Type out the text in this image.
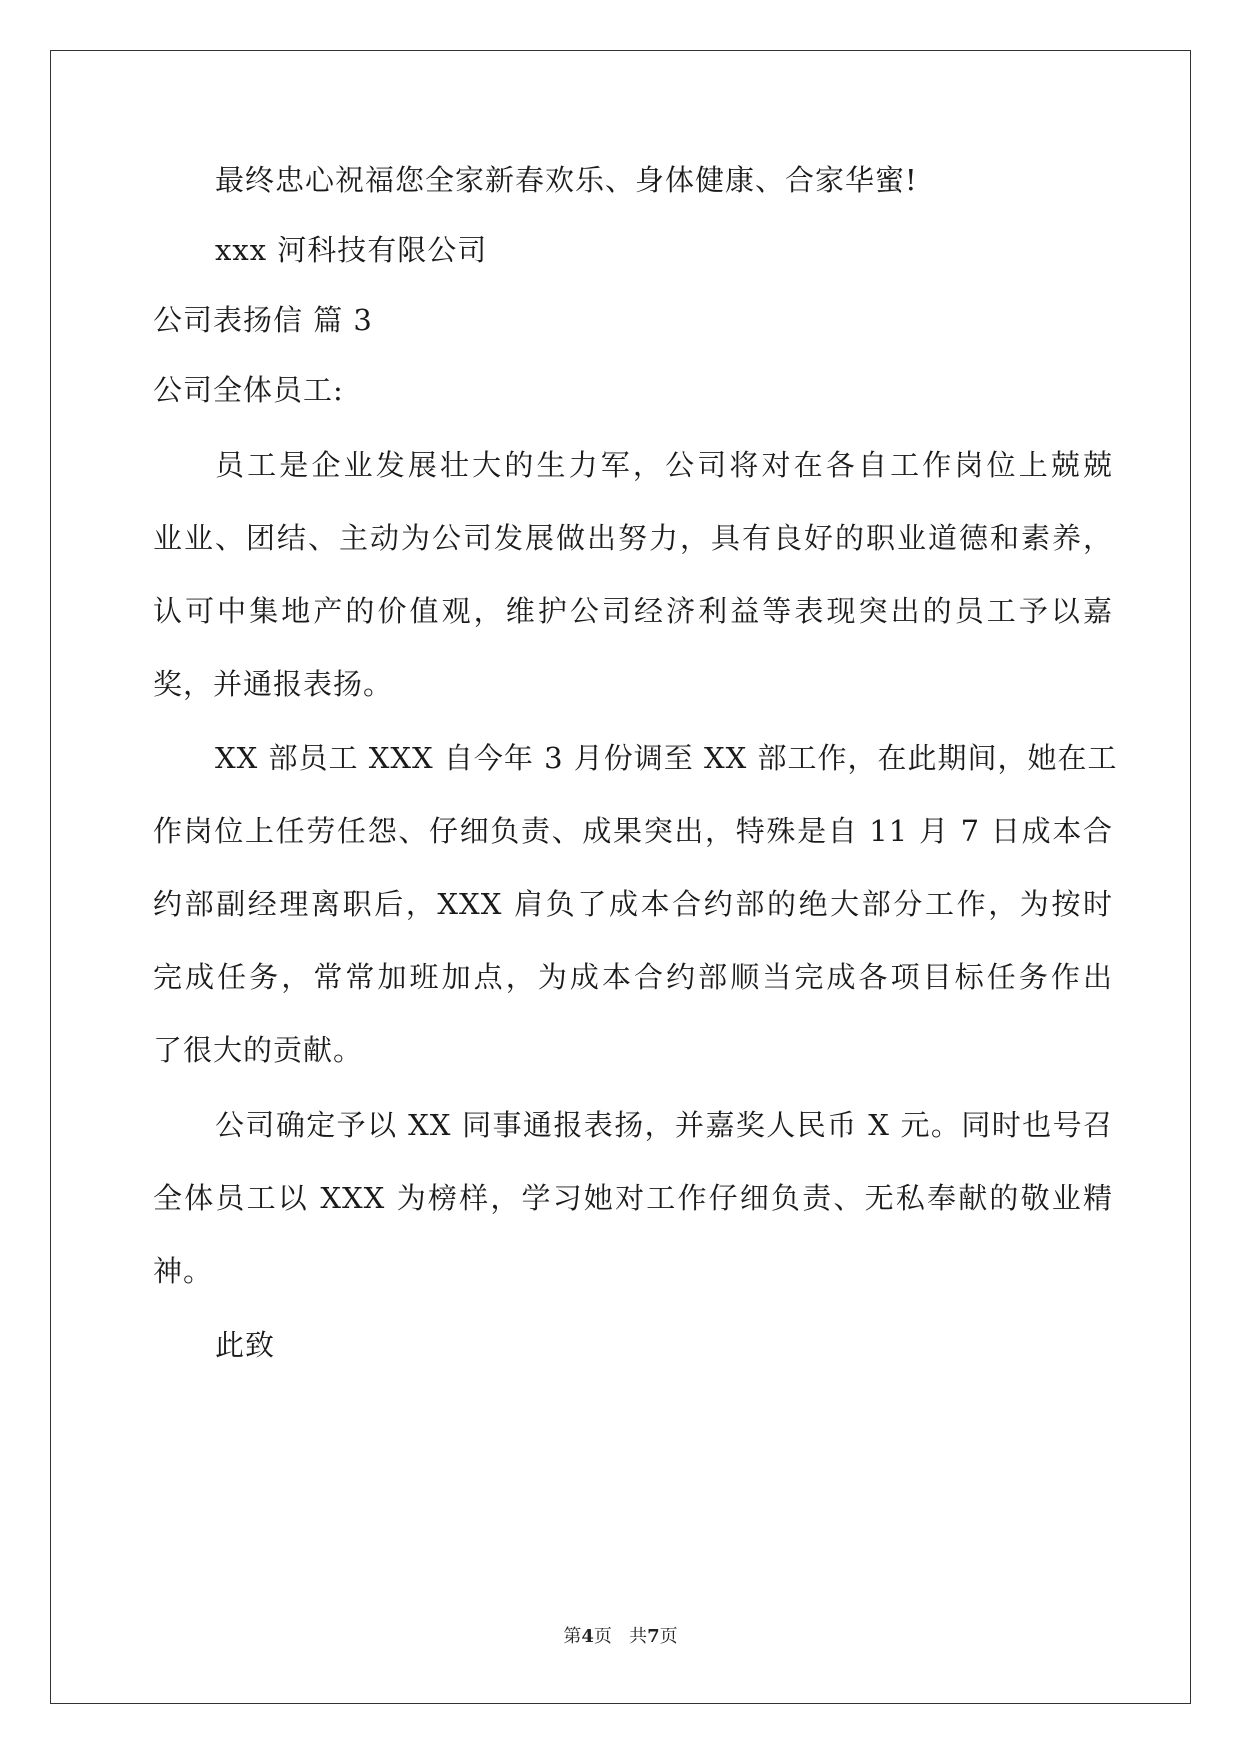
最终忠心祝福您全家新春欢乐、身体健康、合家华蜜!
xxx 河科技有限公司
公司表扬信 篇 3
公司全体员工:
员工是企业发展壮大的生力军，公司将对在各自工作岗位上兢兢
业业、团结、主动为公司发展做出努力，具有良好的职业道德和素养，
认可中集地产的价值观，维护公司经济利益等表现突出的员工予以嘉
奖，并通报表扬。
XX 部员工 XXX 自今年 3 月份调至 XX 部工作，在此期间，她在工
作岗位上任劳任怨、仔细负责、成果突出，特殊是自 11 月 7 日成本合
约部副经理离职后，XXX 肩负了成本合约部的绝大部分工作，为按时
完成任务，常常加班加点，为成本合约部顺当完成各项目标任务作出
了很大的贡献。
公司确定予以 XX 同事通报表扬，并嘉奖人民币 X 元。同时也号召
全体员工以 XXX 为榜样，学习她对工作仔细负责、无私奉献的敬业精
神。
此致
第4页 共7页
